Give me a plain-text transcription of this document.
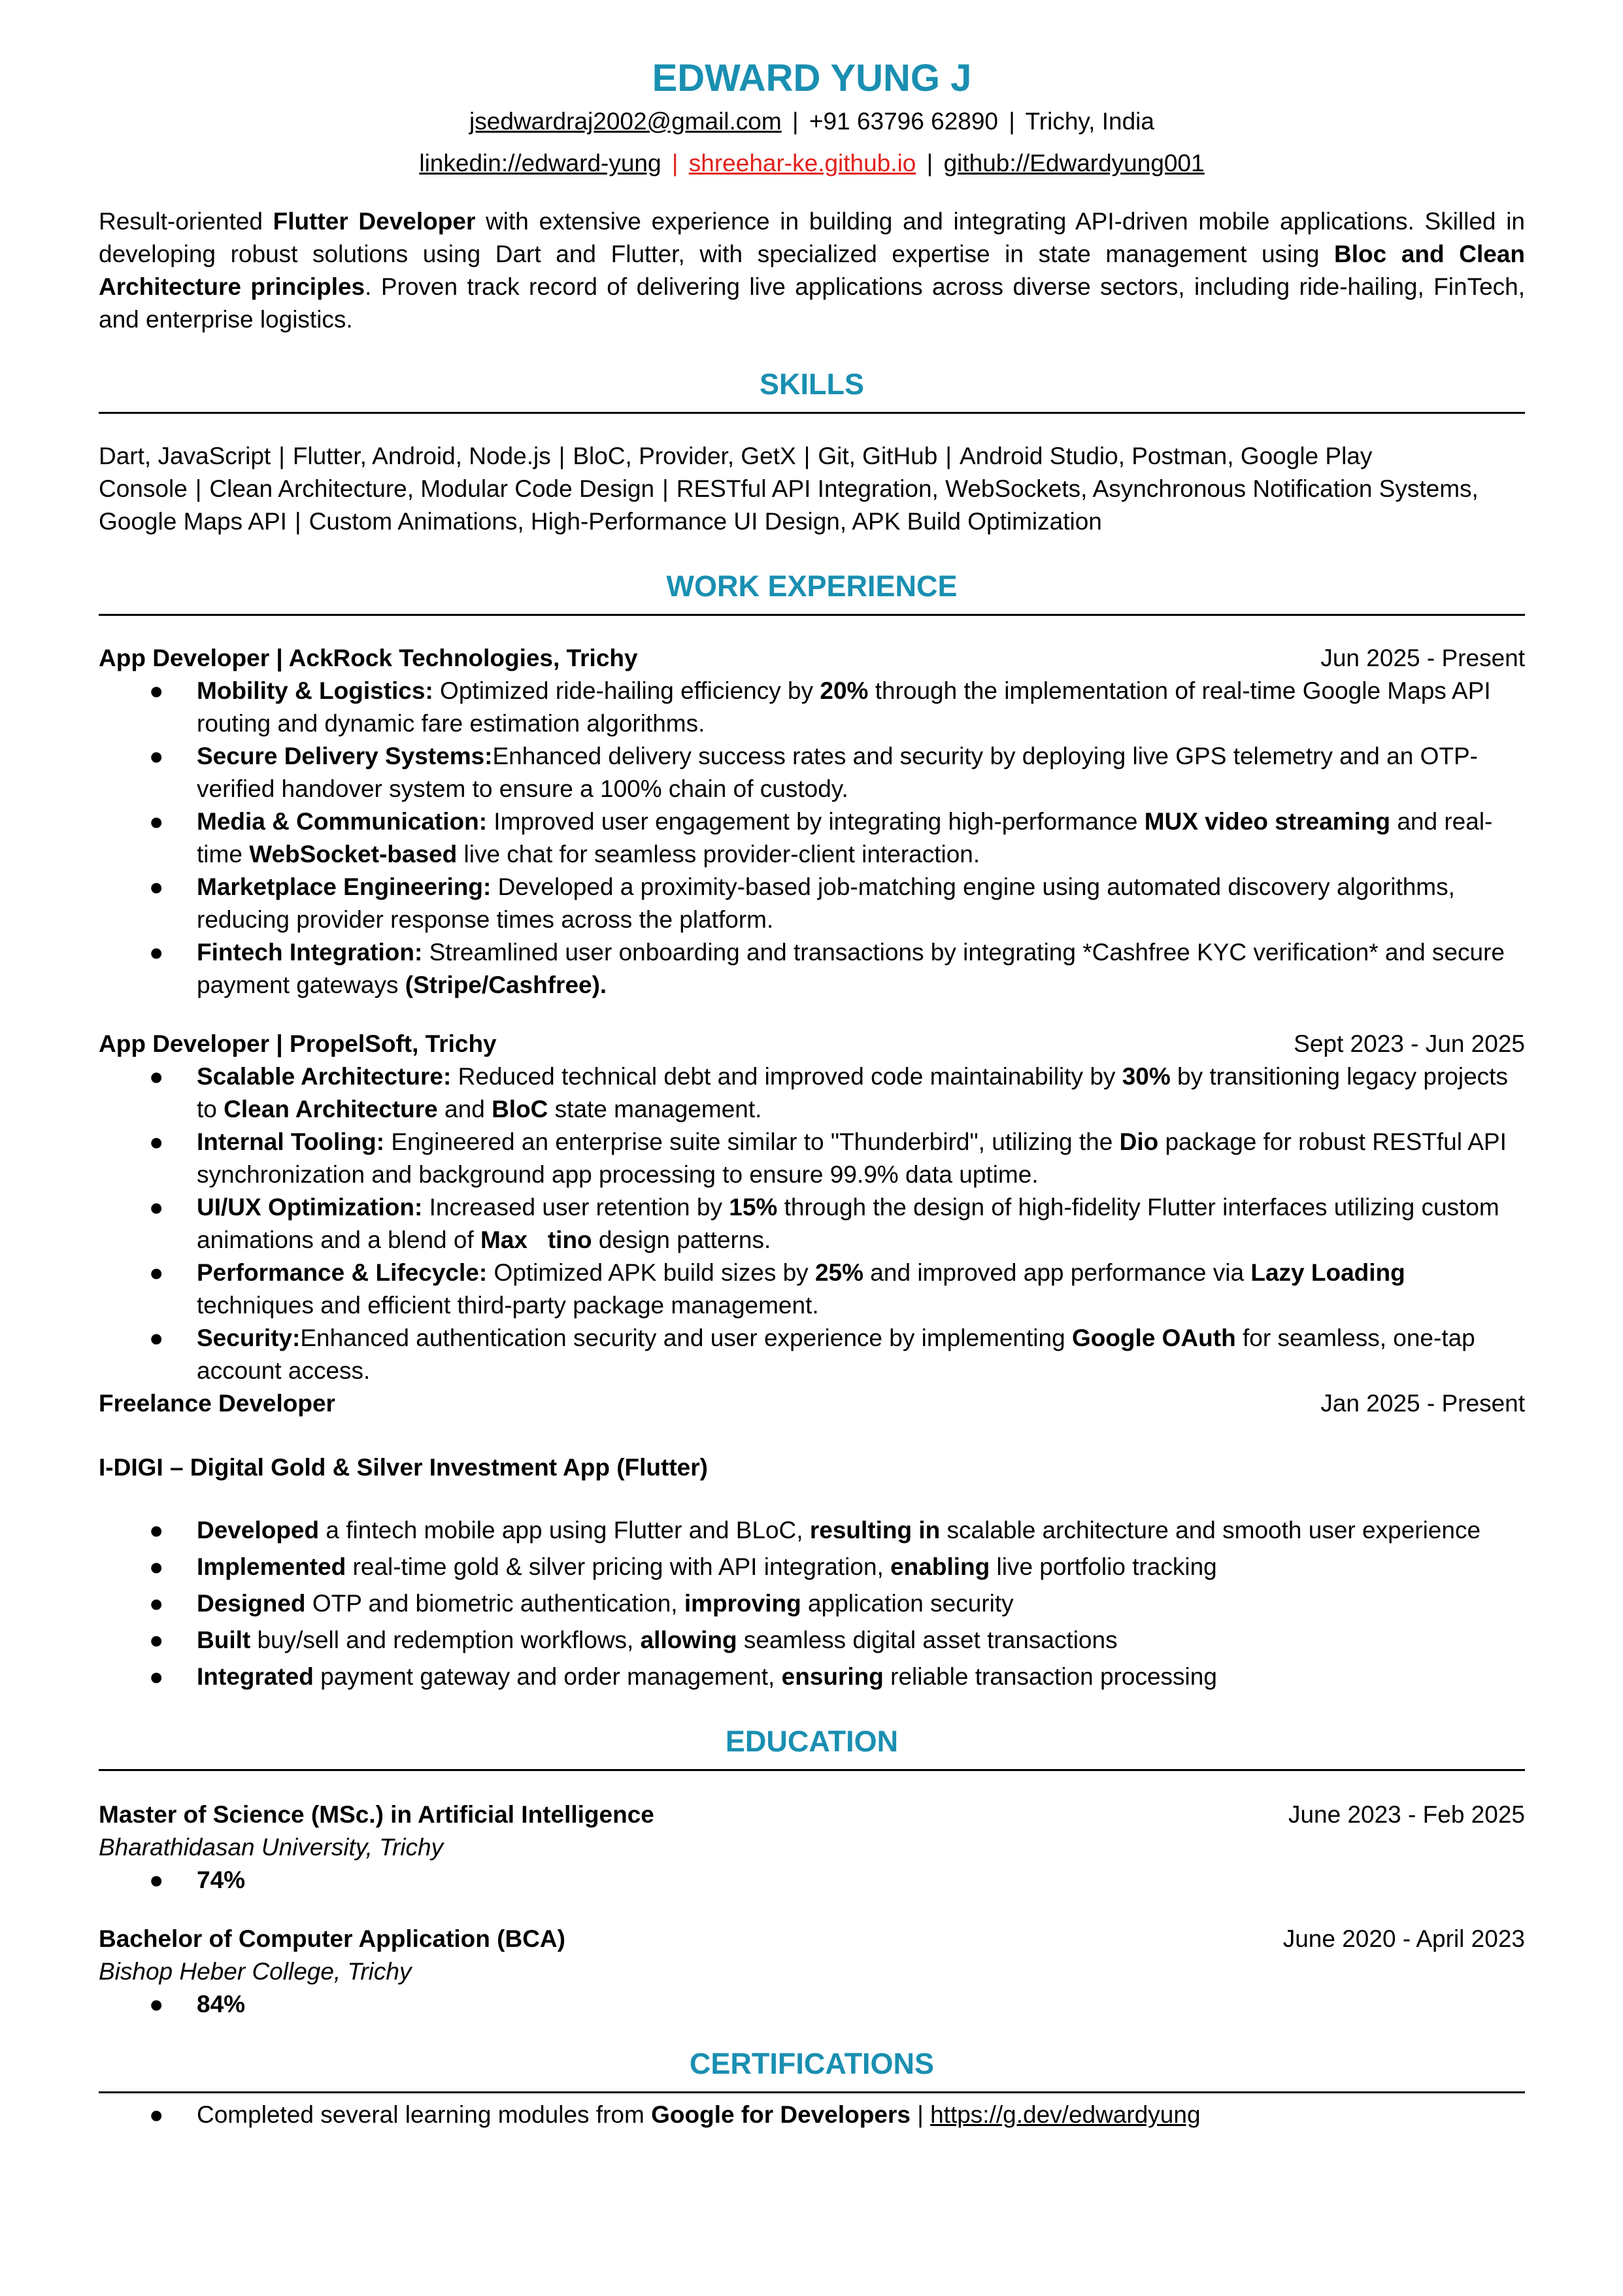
EDWARD YUNG J
jsedwardraj2002@gmail.com | +91 63796 62890 | Trichy, India
linkedin://edward-yung | shreehar-ke.github.io | github://Edwardyung001

Result-oriented Flutter Developer with extensive experience in building and integrating API-driven mobile applications. Skilled in developing robust solutions using Dart and Flutter, with specialized expertise in state management using Bloc and Clean Architecture principles. Proven track record of delivering live applications across diverse sectors, including ride-hailing, FinTech, and enterprise logistics.

SKILLS
Dart, JavaScript | Flutter, Android, Node.js | BloC, Provider, GetX | Git, GitHub | Android Studio, Postman, Google Play Console | Clean Architecture, Modular Code Design | RESTful API Integration, WebSockets, Asynchronous Notification Systems, Google Maps API | Custom Animations, High-Performance UI Design, APK Build Optimization
WORK EXPERIENCE
App Developer | AckRock Technologies, Trichy	Jun 2025 - Present
● Mobility & Logistics: Optimized ride-hailing efficiency by 20% through the implementation of real-time Google Maps API routing and dynamic fare estimation algorithms.
● Secure Delivery Systems:Enhanced delivery success rates and security by deploying live GPS telemetry and an OTP-verified handover system to ensure a 100% chain of custody.
● Media & Communication: Improved user engagement by integrating high-performance MUX video streaming and real-time WebSocket-based live chat for seamless provider-client interaction.
● Marketplace Engineering: Developed a proximity-based job-matching engine using automated discovery algorithms, reducing provider response times across the platform.
● Fintech Integration: Streamlined user onboarding and transactions by integrating *Cashfree KYC verification* and secure payment gateways (Stripe/Cashfree).
App Developer | PropelSoft, Trichy	Sept 2023 - Jun 2025
● Scalable Architecture: Reduced technical debt and improved code maintainability by 30% by transitioning legacy projects to Clean Architecture and BloC state management.
● Internal Tooling: Engineered an enterprise suite similar to "Thunderbird", utilizing the Dio package for robust RESTful API synchronization and background app processing to ensure 99.9% data uptime.
● UI/UX Optimization: Increased user retention by 15% through the design of high-fidelity Flutter interfaces utilizing custom animations and a blend of Max   tino design patterns.
● Performance & Lifecycle: Optimized APK build sizes by 25% and improved app performance via Lazy Loading techniques and efficient third-party package management.
● Security:Enhanced authentication security and user experience by implementing Google OAuth for seamless, one-tap account access.
Freelance Developer	Jan 2025 - Present
I-DIGI – Digital Gold & Silver Investment App (Flutter)
● Developed a fintech mobile app using Flutter and BLoC, resulting in scalable architecture and smooth user experience
● Implemented real-time gold & silver pricing with API integration, enabling live portfolio tracking
● Designed OTP and biometric authentication, improving application security
● Built buy/sell and redemption workflows, allowing seamless digital asset transactions
● Integrated payment gateway and order management, ensuring reliable transaction processing
EDUCATION
Master of Science (MSc.) in Artificial Intelligence	June 2023 - Feb 2025
Bharathidasan University, Trichy
● 74%
Bachelor of Computer Application (BCA)	June 2020 - April 2023
Bishop Heber College, Trichy
● 84%
CERTIFICATIONS
● Completed several learning modules from Google for Developers | https://g.dev/edwardyung
